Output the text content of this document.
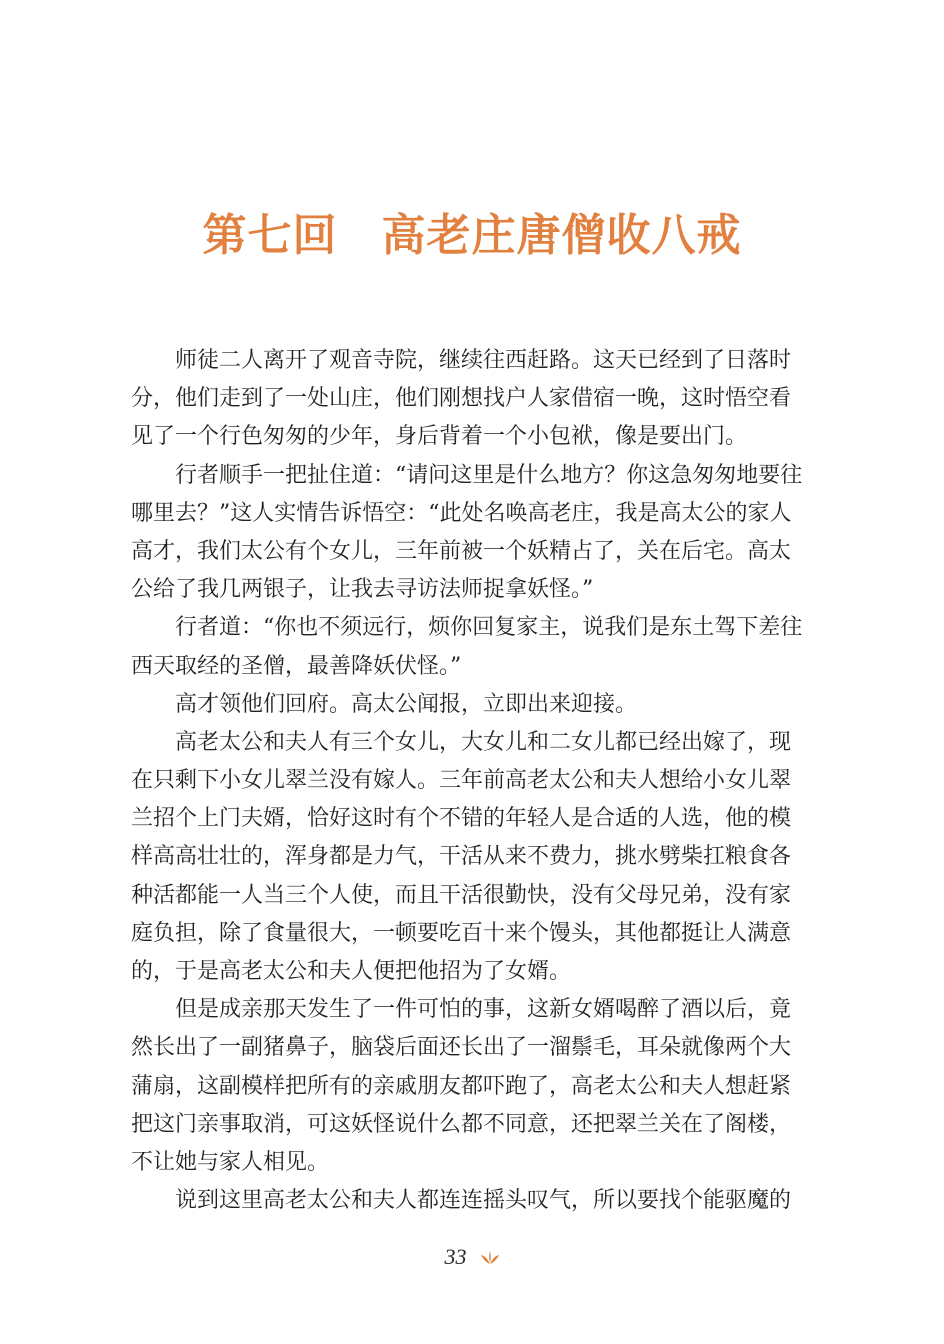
第七回 高老庄唐僧收八戒
　　师徒二人离开了观音寺院，继续往西赶路。这天已经到了日落时
分，他们走到了一处山庄，他们刚想找户人家借宿一晚，这时悟空看
见了一个行色匆匆的少年，身后背着一个小包袱，像是要出门。
　　行者顺手一把扯住道：“请问这里是什么地方？你这急匆匆地要往
哪里去？”这人实情告诉悟空：“此处名唤高老庄，我是高太公的家人
高才，我们太公有个女儿，三年前被一个妖精占了，关在后宅。高太
公给了我几两银子，让我去寻访法师捉拿妖怪。”
　　行者道：“你也不须远行，烦你回复家主，说我们是东土驾下差往
西天取经的圣僧，最善降妖伏怪。”
　　高才领他们回府。高太公闻报，立即出来迎接。
　　高老太公和夫人有三个女儿，大女儿和二女儿都已经出嫁了，现
在只剩下小女儿翠兰没有嫁人。三年前高老太公和夫人想给小女儿翠
兰招个上门夫婿，恰好这时有个不错的年轻人是合适的人选，他的模
样高高壮壮的，浑身都是力气，干活从来不费力，挑水劈柴扛粮食各
种活都能一人当三个人使，而且干活很勤快，没有父母兄弟，没有家
庭负担，除了食量很大，一顿要吃百十来个馒头，其他都挺让人满意
的，于是高老太公和夫人便把他招为了女婿。
　　但是成亲那天发生了一件可怕的事，这新女婿喝醉了酒以后，竟
然长出了一副猪鼻子，脑袋后面还长出了一溜鬃毛，耳朵就像两个大
蒲扇，这副模样把所有的亲戚朋友都吓跑了，高老太公和夫人想赶紧
把这门亲事取消，可这妖怪说什么都不同意，还把翠兰关在了阁楼，
不让她与家人相见。
　　说到这里高老太公和夫人都连连摇头叹气，所以要找个能驱魔的
33
